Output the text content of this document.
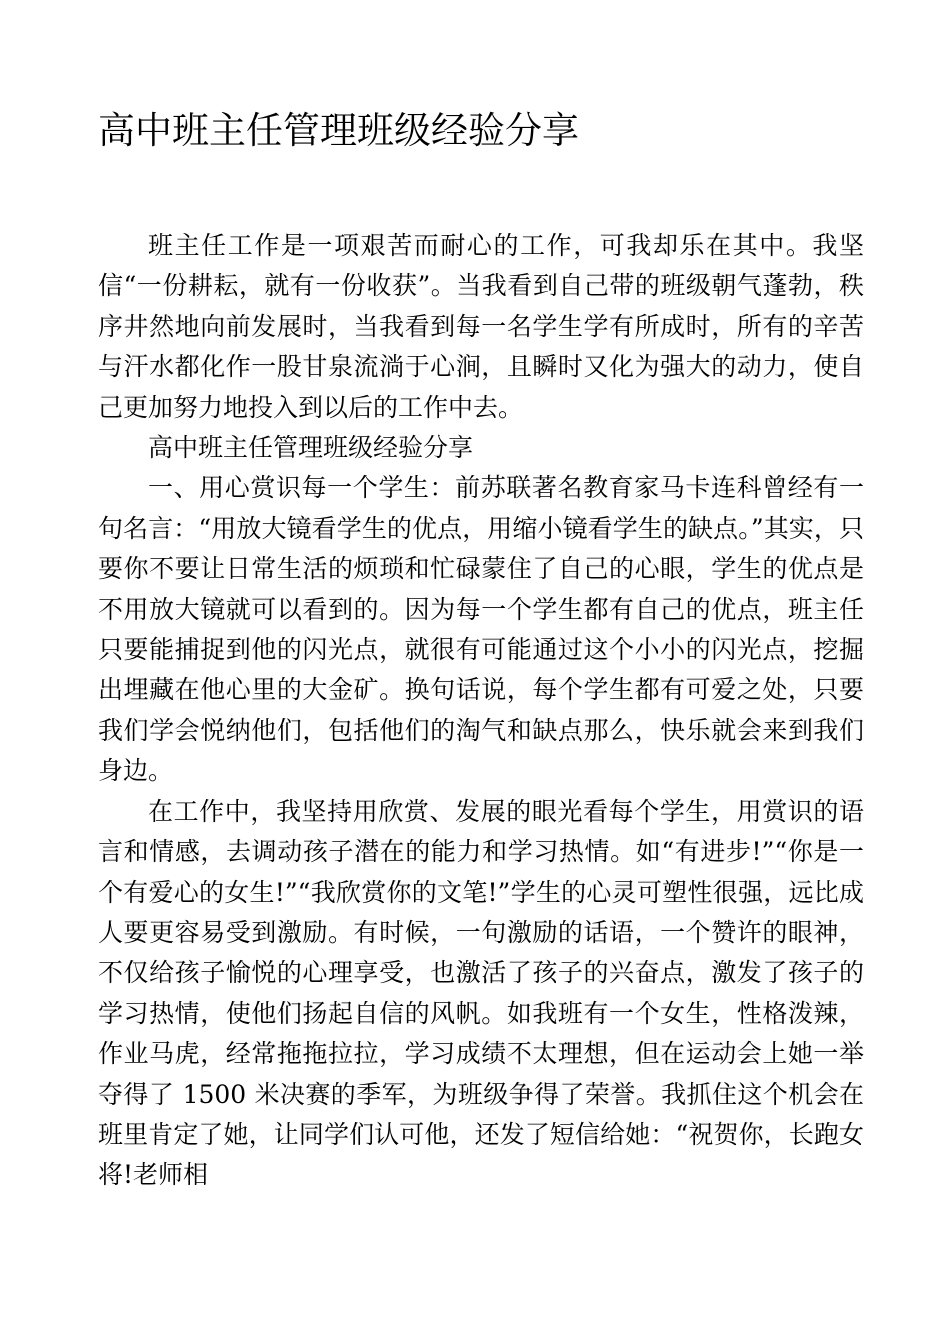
高中班主任管理班级经验分享

班主任工作是一项艰苦而耐心的工作，可我却乐在其中。我坚信“一份耕耘，就有一份收获”。当我看到自己带的班级朝气蓬勃，秩序井然地向前发展时，当我看到每一名学生学有所成时，所有的辛苦与汗水都化作一股甘泉流淌于心涧，且瞬时又化为强大的动力，使自己更加努力地投入到以后的工作中去。

高中班主任管理班级经验分享

一、用心赏识每一个学生：前苏联著名教育家马卡连科曾经有一句名言：“用放大镜看学生的优点，用缩小镜看学生的缺点。”其实，只要你不要让日常生活的烦琐和忙碌蒙住了自己的心眼，学生的优点是不用放大镜就可以看到的。因为每一个学生都有自己的优点，班主任只要能捕捉到他的闪光点，就很有可能通过这个小小的闪光点，挖掘出埋藏在他心里的大金矿。换句话说，每个学生都有可爱之处，只要我们学会悦纳他们，包括他们的淘气和缺点那么，快乐就会来到我们身边。

在工作中，我坚持用欣赏、发展的眼光看每个学生，用赏识的语言和情感，去调动孩子潜在的能力和学习热情。如“有进步!”“你是一个有爱心的女生!”“我欣赏你的文笔!”学生的心灵可塑性很强，远比成人要更容易受到激励。有时候，一句激励的话语，一个赞许的眼神，不仅给孩子愉悦的心理享受，也激活了孩子的兴奋点，激发了孩子的学习热情，使他们扬起自信的风帆。如我班有一个女生，性格泼辣，作业马虎，经常拖拖拉拉，学习成绩不太理想，但在运动会上她一举夺得了 1500 米决赛的季军，为班级争得了荣誉。我抓住这个机会在班里肯定了她，让同学们认可他，还发了短信给她：“祝贺你，长跑女将!老师相
